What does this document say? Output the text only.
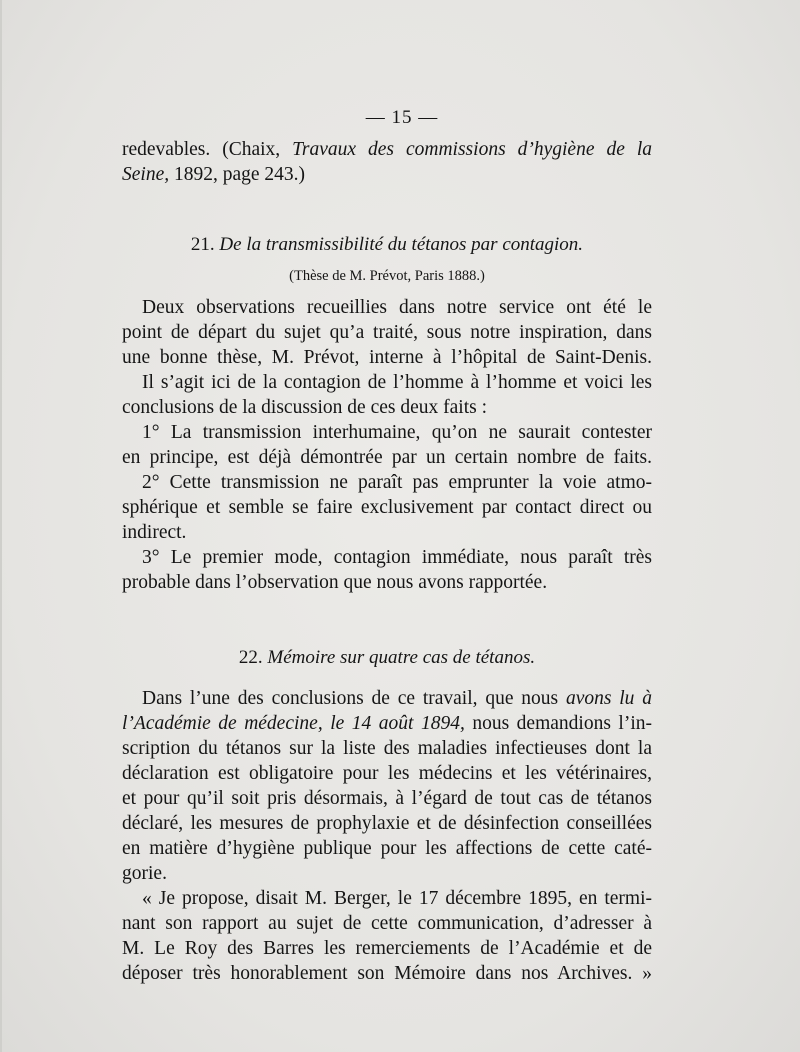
— 15 —
redevables. (Chaix, Travaux des commissions d’hygiène de la
Seine, 1892, page 243.)
21. De la transmissibilité du tétanos par contagion.
(Thèse de M. Prévot, Paris 1888.)
Deux observations recueillies dans notre service ont été le
point de départ du sujet qu’a traité, sous notre inspiration, dans
une bonne thèse, M. Prévot, interne à l’hôpital de Saint-Denis.
Il s’agit ici de la contagion de l’homme à l’homme et voici les
conclusions de la discussion de ces deux faits :
1° La transmission interhumaine, qu’on ne saurait contester
en principe, est déjà démontrée par un certain nombre de faits.
2° Cette transmission ne paraît pas emprunter la voie atmo-
sphérique et semble se faire exclusivement par contact direct ou
indirect.
3° Le premier mode, contagion immédiate, nous paraît très
probable dans l’observation que nous avons rapportée.
22. Mémoire sur quatre cas de tétanos.
Dans l’une des conclusions de ce travail, que nous avons lu à
l’Académie de médecine, le 14 août 1894, nous demandions l’in-
scription du tétanos sur la liste des maladies infectieuses dont la
déclaration est obligatoire pour les médecins et les vétérinaires,
et pour qu’il soit pris désormais, à l’égard de tout cas de tétanos
déclaré, les mesures de prophylaxie et de désinfection conseillées
en matière d’hygiène publique pour les affections de cette caté-
gorie.
« Je propose, disait M. Berger, le 17 décembre 1895, en termi-
nant son rapport au sujet de cette communication, d’adresser à
M. Le Roy des Barres les remerciements de l’Académie et de
déposer très honorablement son Mémoire dans nos Archives. »
